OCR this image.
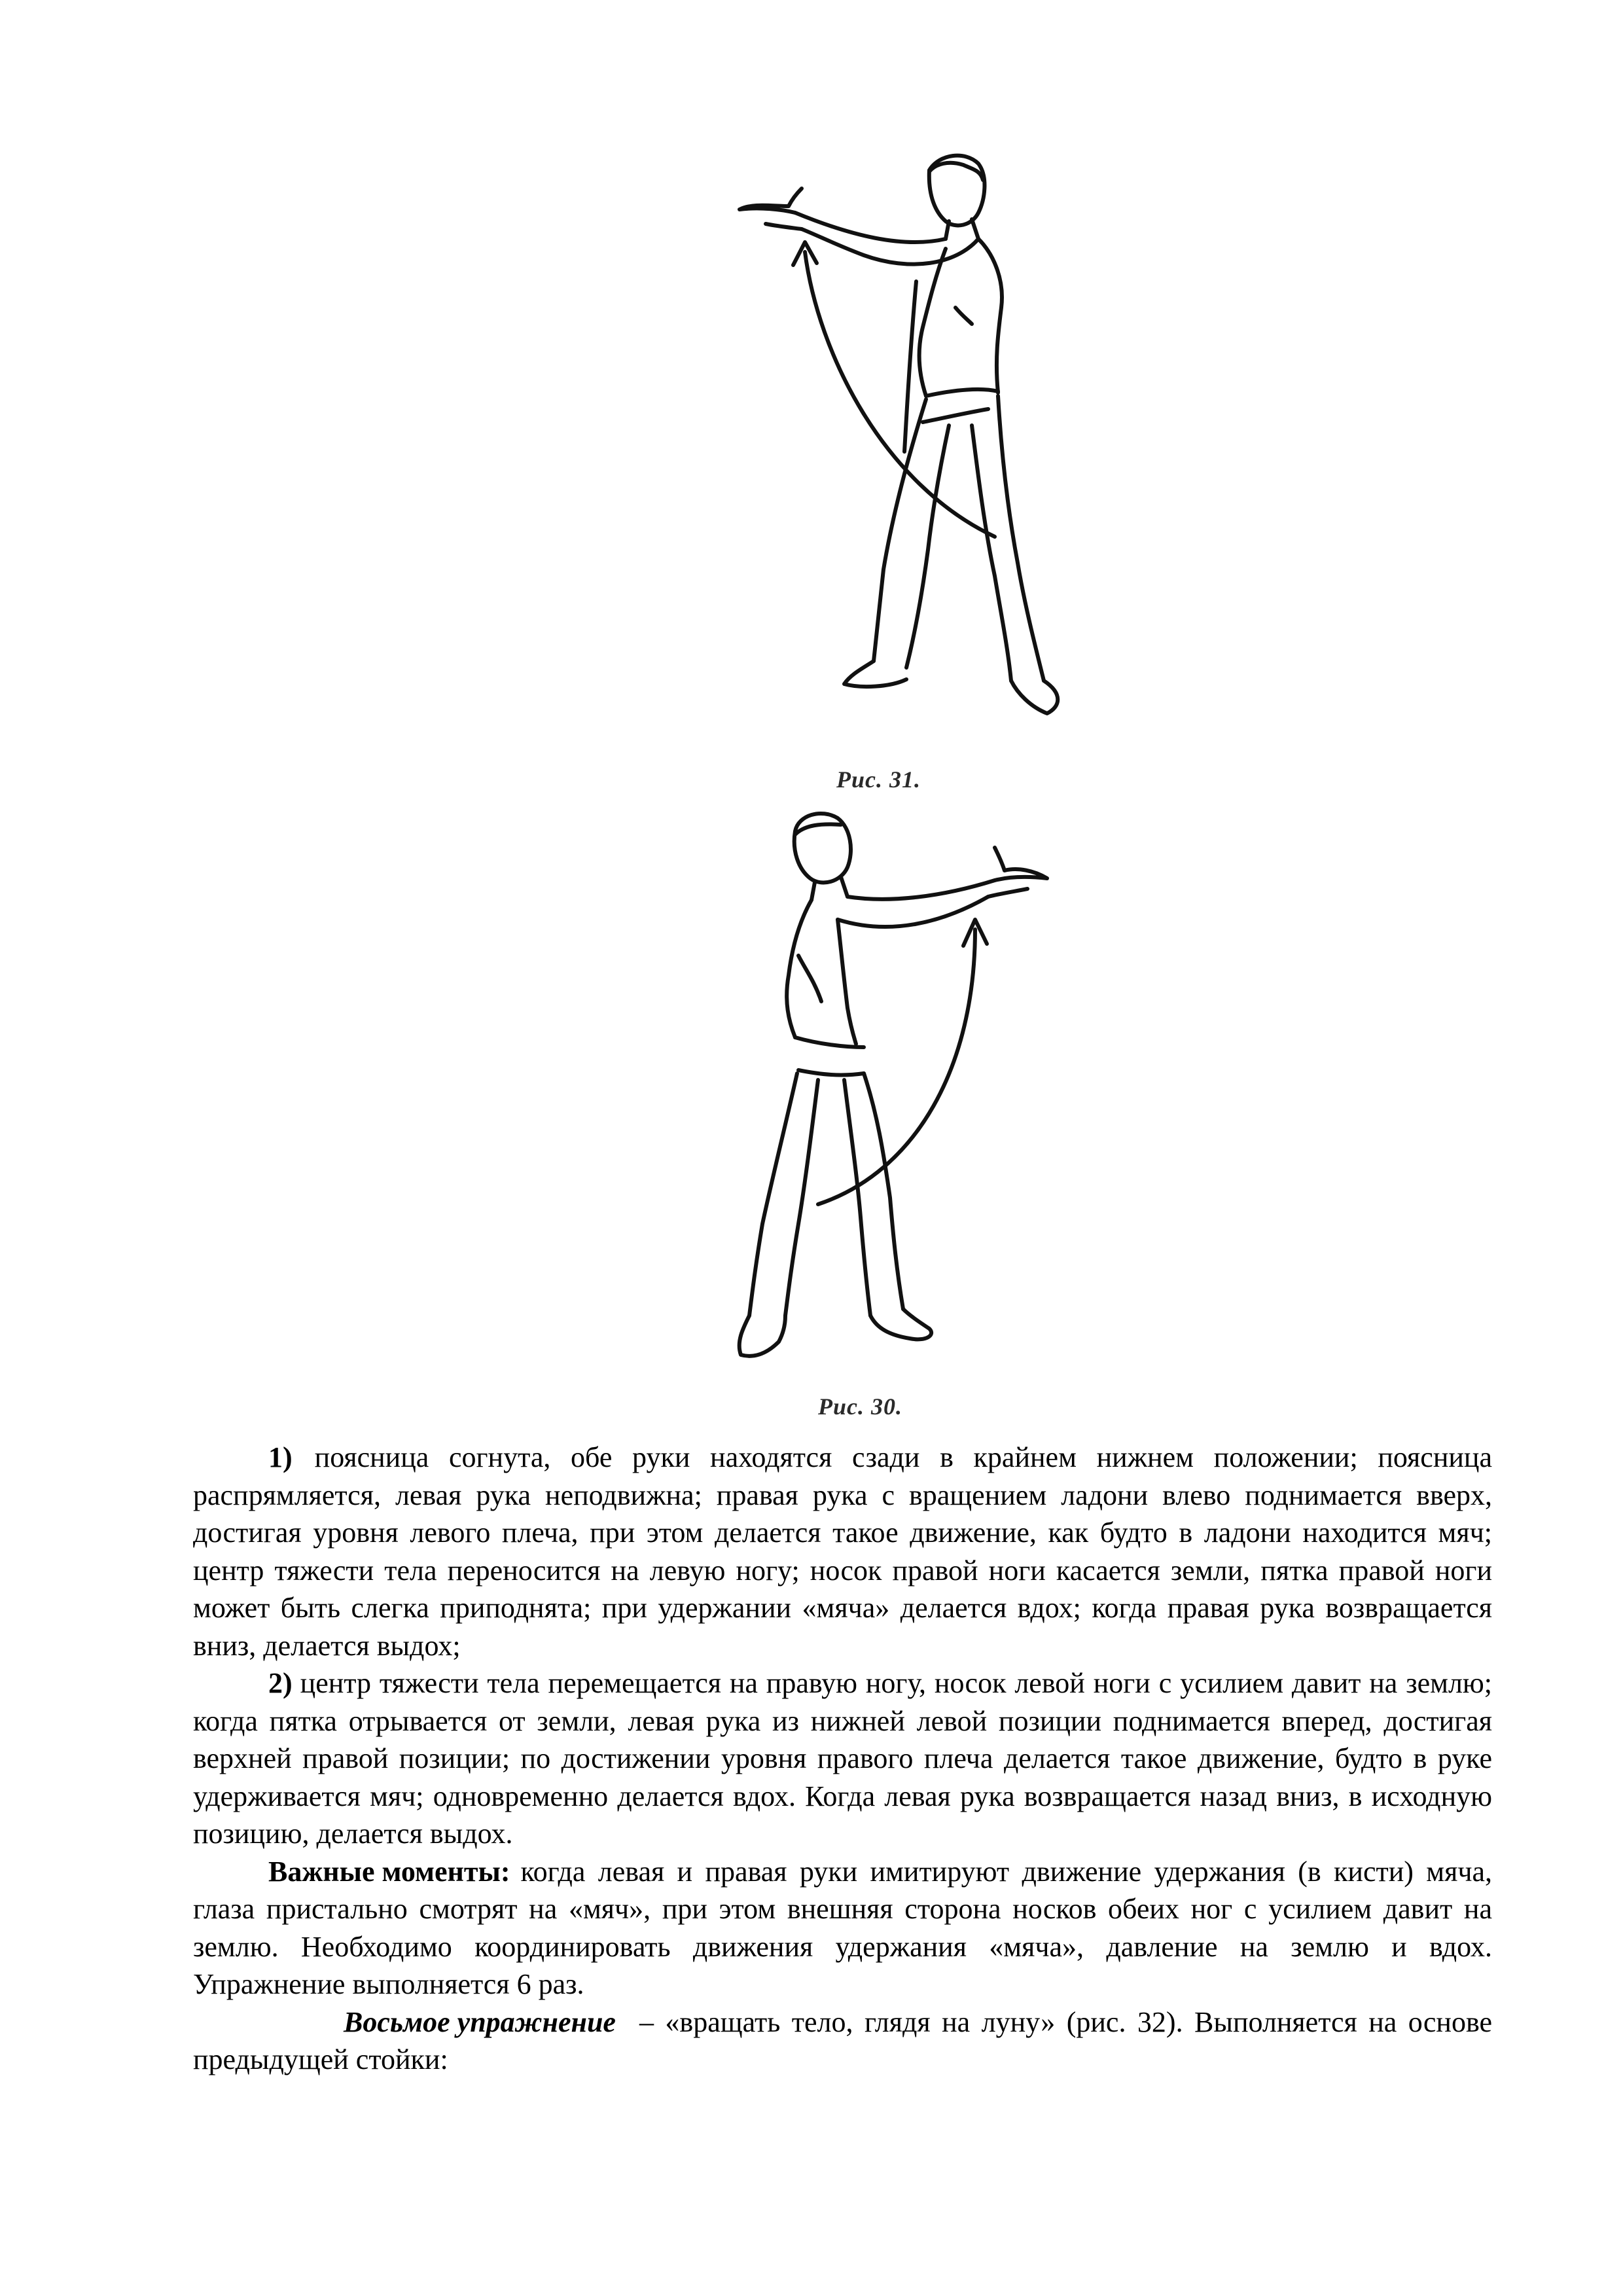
Рис. 31.
Рис. 30.

1) поясница согнута, обе руки находятся сзади в крайнем нижнем положении; поясница распрямляется, левая рука неподвижна; правая рука с вращением ладони влево поднимается вверх, достигая уровня левого плеча, при этом делается такое движение, как будто в ладони находится мяч; центр тяжести тела переносится на левую ногу; носок правой ноги касается земли, пятка правой ноги может быть слегка приподнята; при удержании «мяча» делается вдох; когда правая рука возвращается вниз, делается выдох;

2) центр тяжести тела перемещается на правую ногу, носок левой ноги с усилием давит на землю; когда пятка отрывается от земли, левая рука из нижней левой позиции поднимается вперед, достигая верхней правой позиции; по достижении уровня правого плеча делается такое движение, будто в руке удерживается мяч; одновременно делается вдох. Когда левая рука возвращается назад вниз, в исходную позицию, делается выдох.

Важные моменты: когда левая и правая руки имитируют движение удержания (в кисти) мяча, глаза пристально смотрят на «мяч», при этом внешняя сторона носков обеих ног с усилием давит на землю. Необходимо координировать движения удержания «мяча», давление на землю и вдох. Упражнение выполняется 6 раз.

Восьмое упражнение – «вращать тело, глядя на луну» (рис. 32). Выполняется на основе предыдущей стойки:
